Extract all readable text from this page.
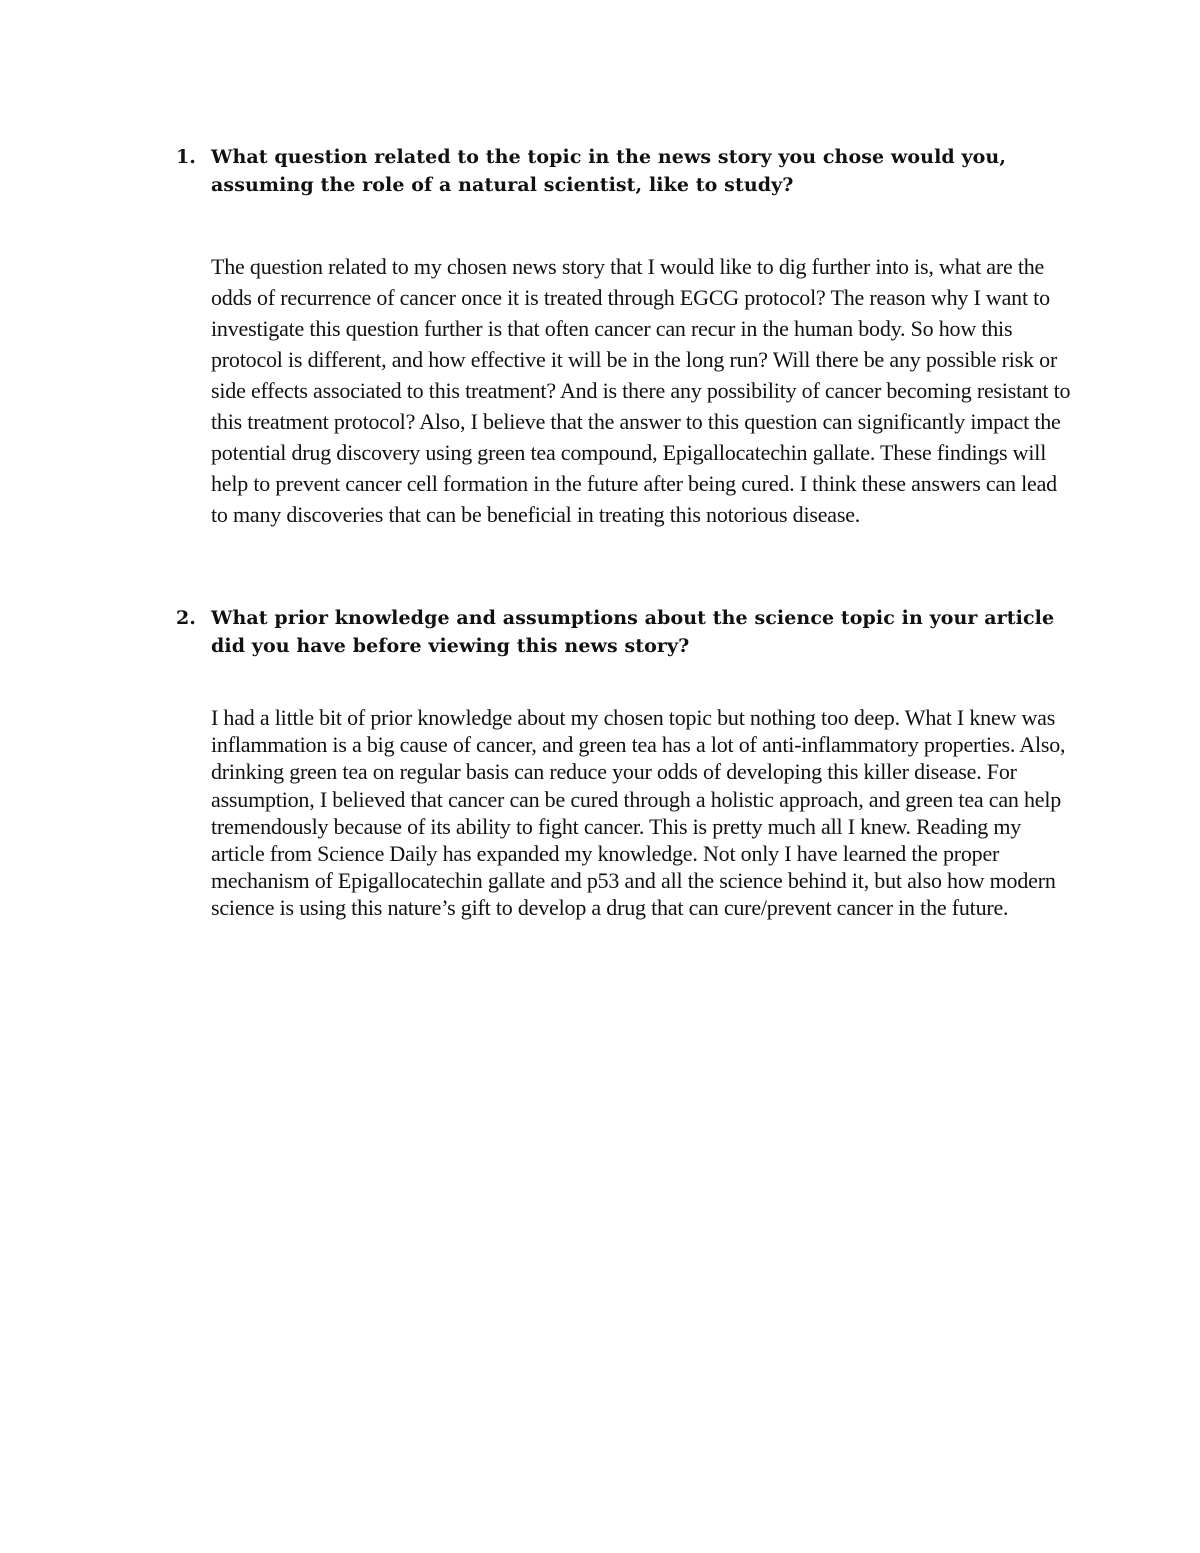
1. What question related to the topic in the news story you chose would you, assuming the role of a natural scientist, like to study?

The question related to my chosen news story that I would like to dig further into is, what are the odds of recurrence of cancer once it is treated through EGCG protocol? The reason why I want to investigate this question further is that often cancer can recur in the human body. So how this protocol is different, and how effective it will be in the long run? Will there be any possible risk or side effects associated to this treatment? And is there any possibility of cancer becoming resistant to this treatment protocol? Also, I believe that the answer to this question can significantly impact the potential drug discovery using green tea compound, Epigallocatechin gallate. These findings will help to prevent cancer cell formation in the future after being cured. I think these answers can lead to many discoveries that can be beneficial in treating this notorious disease.

2. What prior knowledge and assumptions about the science topic in your article did you have before viewing this news story?

I had a little bit of prior knowledge about my chosen topic but nothing too deep. What I knew was inflammation is a big cause of cancer, and green tea has a lot of anti-inflammatory properties. Also, drinking green tea on regular basis can reduce your odds of developing this killer disease. For assumption, I believed that cancer can be cured through a holistic approach, and green tea can help tremendously because of its ability to fight cancer. This is pretty much all I knew. Reading my article from Science Daily has expanded my knowledge. Not only I have learned the proper mechanism of Epigallocatechin gallate and p53 and all the science behind it, but also how modern science is using this nature’s gift to develop a drug that can cure/prevent cancer in the future.
